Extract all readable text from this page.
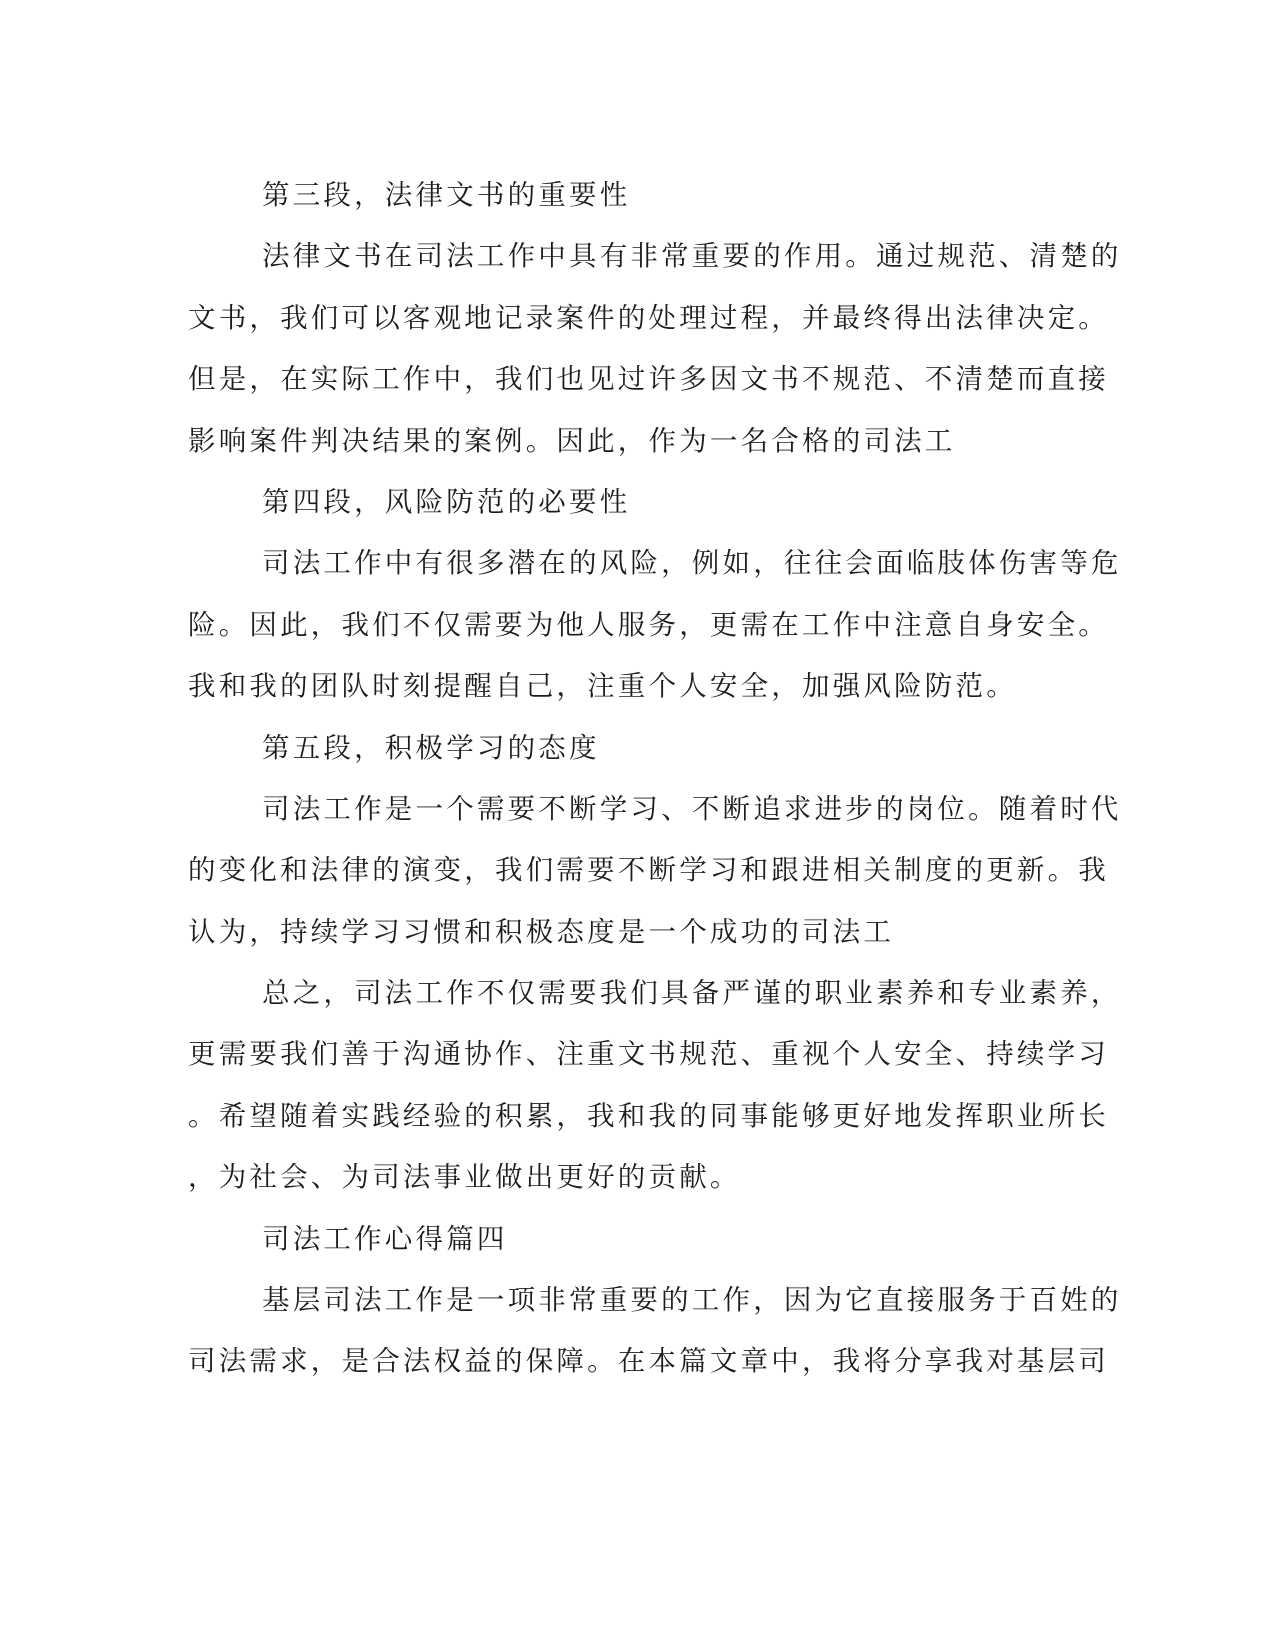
第三段，法律文书的重要性
法律文书在司法工作中具有非常重要的作用。通过规范、清楚的
文书，我们可以客观地记录案件的处理过程，并最终得出法律决定。
但是，在实际工作中，我们也见过许多因文书不规范、不清楚而直接
影响案件判决结果的案例。因此，作为一名合格的司法工
第四段，风险防范的必要性
司法工作中有很多潜在的风险，例如，往往会面临肢体伤害等危
险。因此，我们不仅需要为他人服务，更需在工作中注意自身安全。
我和我的团队时刻提醒自己，注重个人安全，加强风险防范。
第五段，积极学习的态度
司法工作是一个需要不断学习、不断追求进步的岗位。随着时代
的变化和法律的演变，我们需要不断学习和跟进相关制度的更新。我
认为，持续学习习惯和积极态度是一个成功的司法工
总之，司法工作不仅需要我们具备严谨的职业素养和专业素养，
更需要我们善于沟通协作、注重文书规范、重视个人安全、持续学习
。希望随着实践经验的积累，我和我的同事能够更好地发挥职业所长
，为社会、为司法事业做出更好的贡献。
司法工作心得篇四
基层司法工作是一项非常重要的工作，因为它直接服务于百姓的
司法需求，是合法权益的保障。在本篇文章中，我将分享我对基层司
